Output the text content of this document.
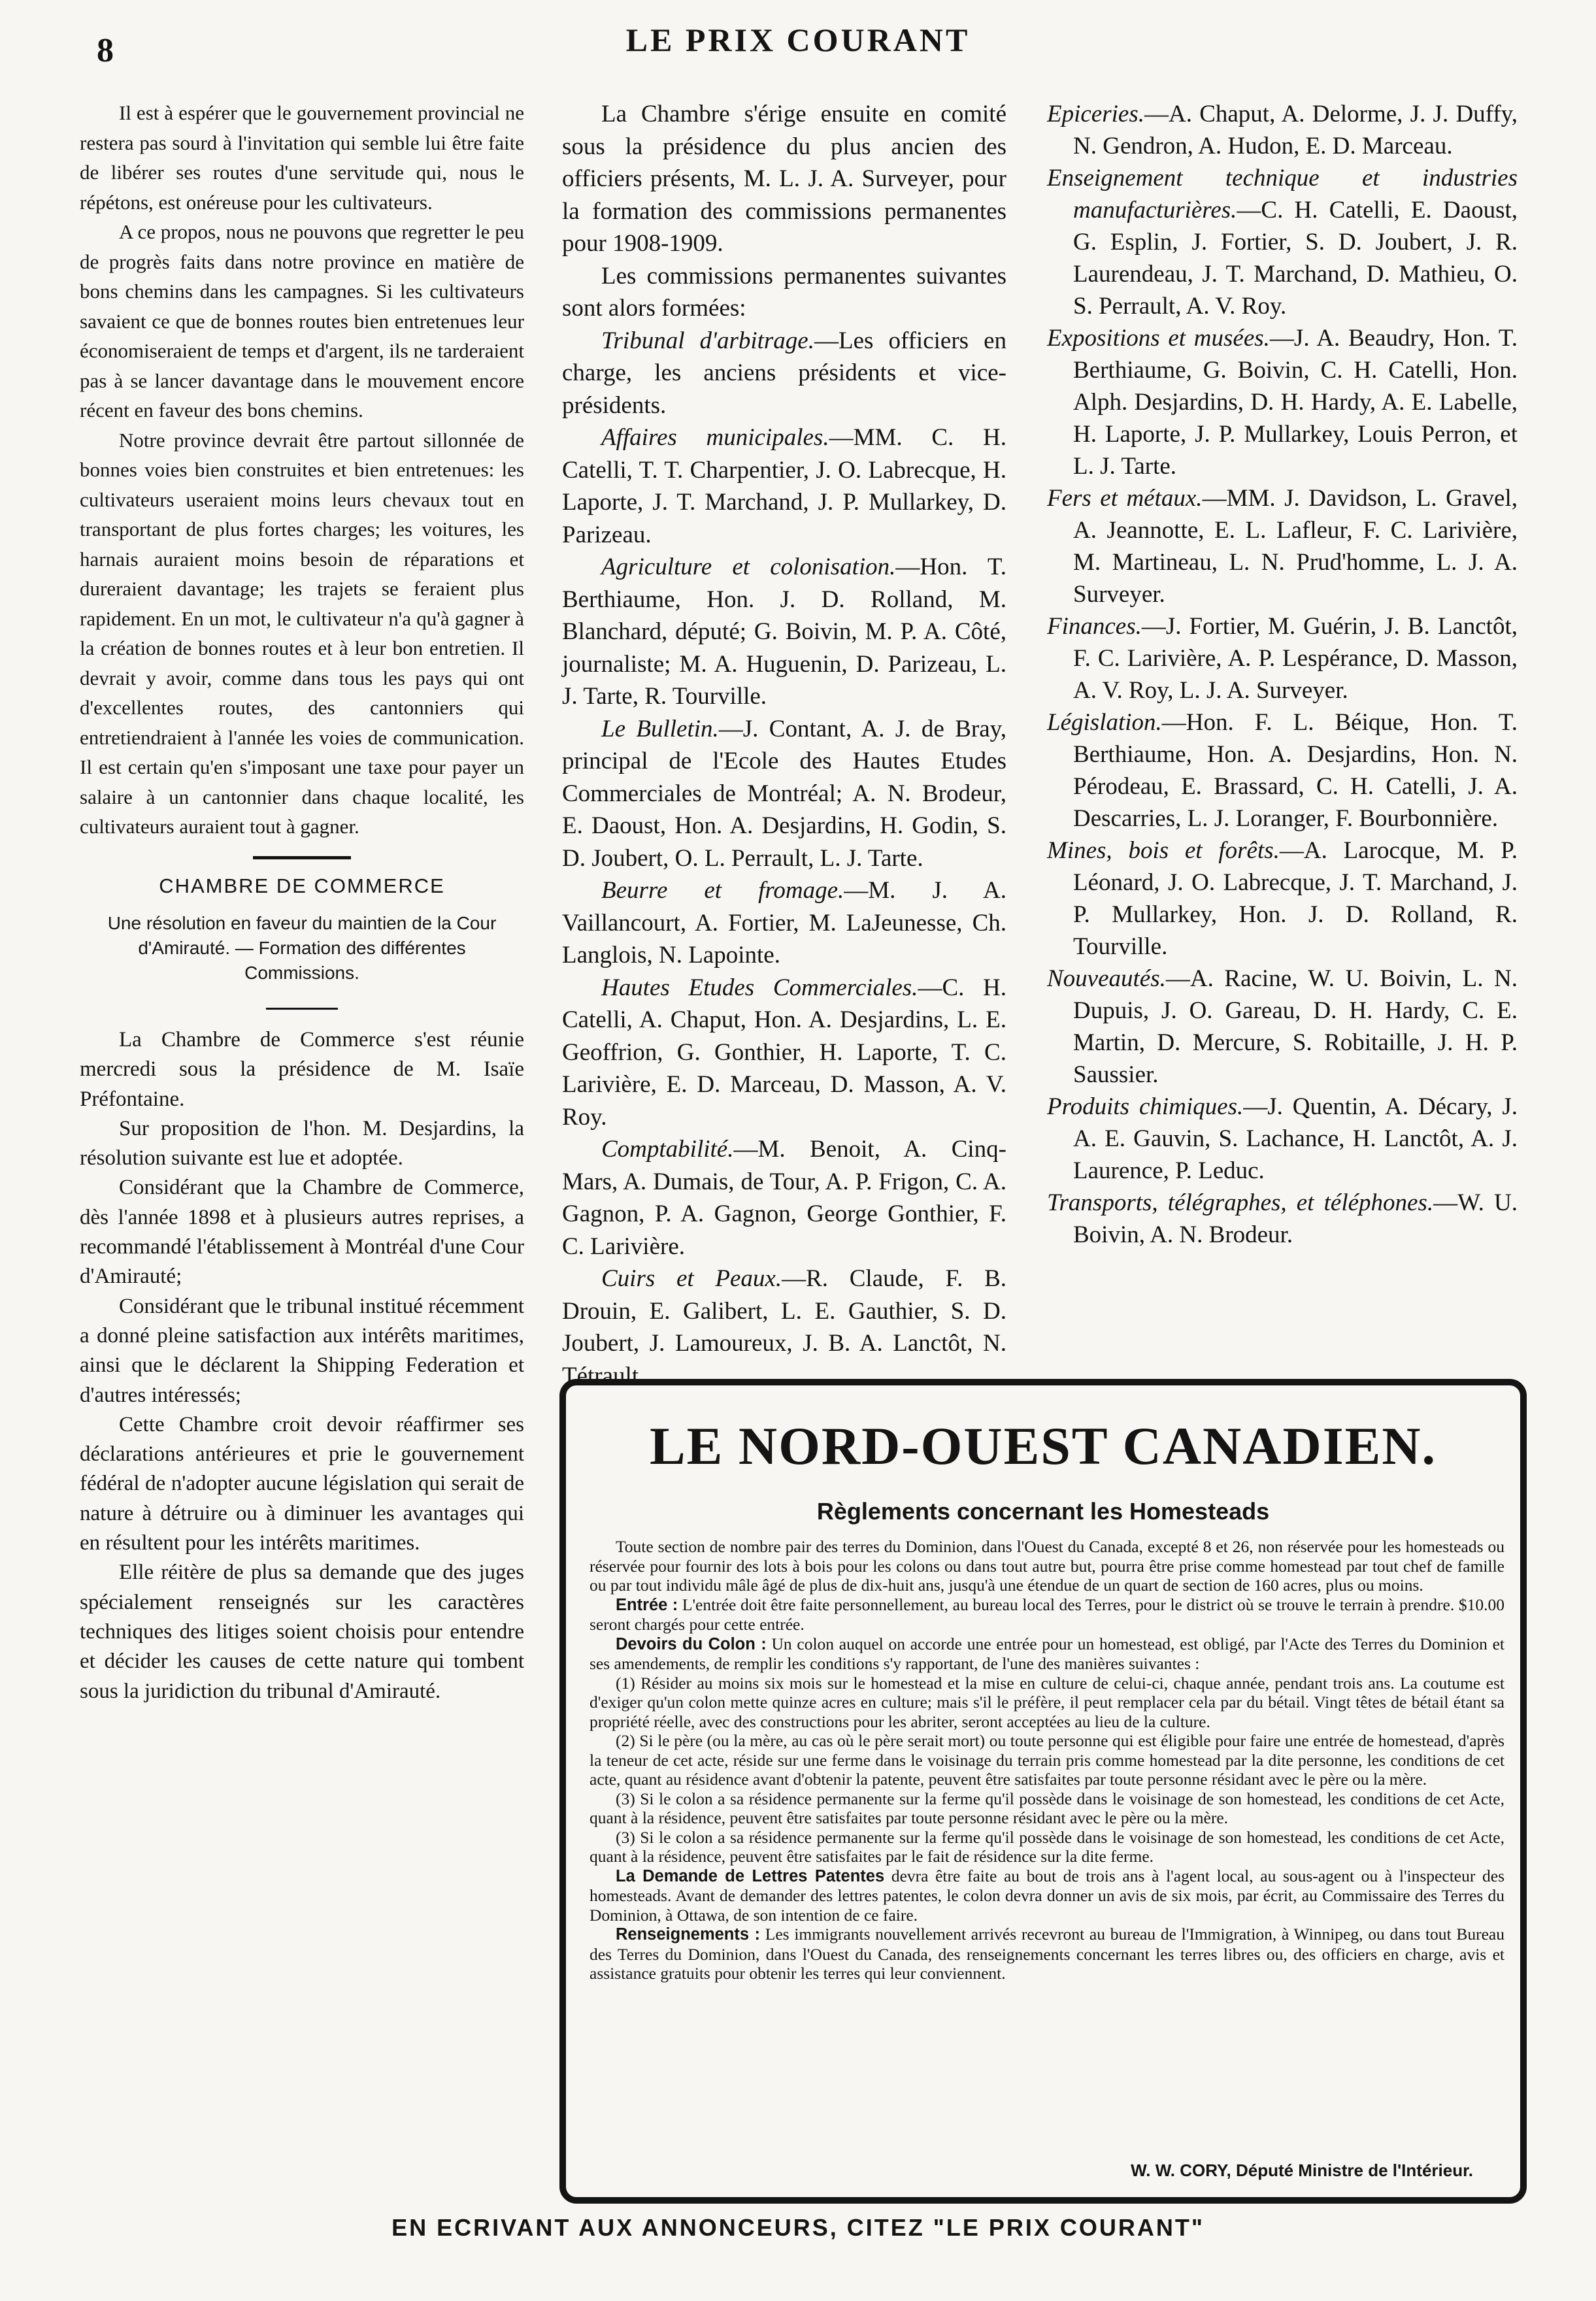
8	LE PRIX COURANT

Il est à espérer que le gouvernement provincial ne restera pas sourd à l'invitation qui semble lui être faite de libérer ses routes d'une servitude qui, nous le répétons, est onéreuse pour les cultivateurs.

A ce propos, nous ne pouvons que regretter le peu de progrès faits dans notre province en matière de bons chemins dans les campagnes. Si les cultivateurs savaient ce que de bonnes routes bien entretenues leur économiseraient de temps et d'argent, ils ne tarderaient pas à se lancer davantage dans le mouvement encore récent en faveur des bons chemins.

Notre province devrait être partout sillonnée de bonnes voies bien construites et bien entretenues: les cultivateurs useraient moins leurs chevaux tout en transportant de plus fortes charges; les voitures, les harnais auraient moins besoin de réparations et dureraient davantage; les trajets se feraient plus rapidement. En un mot, le cultivateur n'a qu'à gagner à la création de bonnes routes et à leur bon entretien. Il devrait y avoir, comme dans tous les pays qui ont d'excellentes routes, des cantonniers qui entretiendraient à l'année les voies de communication. Il est certain qu'en s'imposant une taxe pour payer un salaire à un cantonnier dans chaque localité, les cultivateurs auraient tout à gagner.

CHAMBRE DE COMMERCE
Une résolution en faveur du maintien de la Cour d'Amirauté. — Formation des différentes Commissions.

La Chambre de Commerce s'est réunie mercredi sous la présidence de M. Isaïe Préfontaine.

Sur proposition de l'hon. M. Desjardins, la résolution suivante est lue et adoptée.

Considérant que la Chambre de Commerce, dès l'année 1898 et à plusieurs autres reprises, a recommandé l'établissement à Montréal d'une Cour d'Amirauté;

Considérant que le tribunal institué récemment a donné pleine satisfaction aux intérêts maritimes, ainsi que le déclarent la Shipping Federation et d'autres intéressés;

Cette Chambre croit devoir réaffirmer ses déclarations antérieures et prie le gouvernement fédéral de n'adopter aucune législation qui serait de nature à détruire ou à diminuer les avantages qui en résultent pour les intérêts maritimes.

Elle réitère de plus sa demande que des juges spécialement renseignés sur les caractères techniques des litiges soient choisis pour entendre et décider les causes de cette nature qui tombent sous la juridiction du tribunal d'Amirauté.

La Chambre s'érige ensuite en comité sous la présidence du plus ancien des officiers présents, M. L. J. A. Surveyer, pour la formation des commissions permanentes pour 1908-1909.

Les commissions permanentes suivantes sont alors formées:

Tribunal d'arbitrage.—Les officiers en charge, les anciens présidents et vice-présidents.

Affaires municipales.—MM. C. H. Catelli, T. T. Charpentier, J. O. Labrecque, H. Laporte, J. T. Marchand, J. P. Mullarkey, D. Parizeau.

Agriculture et colonisation.—Hon. T. Berthiaume, Hon. J. D. Rolland, M. Blanchard, député; G. Boivin, M. P. A. Côté, journaliste; M. A. Huguenin, D. Parizeau, L. J. Tarte, R. Tourville.

Le Bulletin.—J. Contant, A. J. de Bray, principal de l'Ecole des Hautes Etudes Commerciales de Montréal; A. N. Brodeur, E. Daoust, Hon. A. Desjardins, H. Godin, S. D. Joubert, O. L. Perrault, L. J. Tarte.

Beurre et fromage.—M. J. A. Vaillancourt, A. Fortier, M. LaJeunesse, Ch. Langlois, N. Lapointe.

Hautes Etudes Commerciales.—C. H. Catelli, A. Chaput, Hon. A. Desjardins, L. E. Geoffrion, G. Gonthier, H. Laporte, T. C. Larivière, E. D. Marceau, D. Masson, A. V. Roy.

Comptabilité.—M. Benoit, A. Cinq-Mars, A. Dumais, de Tour, A. P. Frigon, C. A. Gagnon, P. A. Gagnon, George Gonthier, F. C. Larivière.

Cuirs et Peaux.—R. Claude, F. B. Drouin, E. Galibert, L. E. Gauthier, S. D. Joubert, J. Lamoureux, J. B. A. Lanctôt, N. Tétrault.

Epiceries.—A. Chaput, A. Delorme, J. J. Duffy, N. Gendron, A. Hudon, E. D. Marceau.

Enseignement technique et industries manufacturières.—C. H. Catelli, E. Daoust, G. Esplin, J. Fortier, S. D. Joubert, J. R. Laurendeau, J. T. Marchand, D. Mathieu, O. S. Perrault, A. V. Roy.

Expositions et musées.—J. A. Beaudry, Hon. T. Berthiaume, G. Boivin, C. H. Catelli, Hon. Alph. Desjardins, D. H. Hardy, A. E. Labelle, H. Laporte, J. P. Mullarkey, Louis Perron, et L. J. Tarte.

Fers et métaux.—MM. J. Davidson, L. Gravel, A. Jeannotte, E. L. Lafleur, F. C. Larivière, M. Martineau, L. N. Prud'homme, L. J. A. Surveyer.

Finances.—J. Fortier, M. Guérin, J. B. Lanctôt, F. C. Larivière, A. P. Lespérance, D. Masson, A. V. Roy, L. J. A. Surveyer.

Législation.—Hon. F. L. Béique, Hon. T. Berthiaume, Hon. A. Desjardins, Hon. N. Pérodeau, E. Brassard, C. H. Catelli, J. A. Descarries, L. J. Loranger, F. Bourbonnière.

Mines, bois et forêts.—A. Larocque, M. P. Léonard, J. O. Labrecque, J. T. Marchand, J. P. Mullarkey, Hon. J. D. Rolland, R. Tourville.

Nouveautés.—A. Racine, W. U. Boivin, L. N. Dupuis, J. O. Gareau, D. H. Hardy, C. E. Martin, D. Mercure, S. Robitaille, J. H. P. Saussier.

Produits chimiques.—J. Quentin, A. Décary, J. A. E. Gauvin, S. Lachance, H. Lanctôt, A. J. Laurence, P. Leduc.

Transports, télégraphes, et téléphones.—W. U. Boivin, A. N. Brodeur.

LE NORD-OUEST CANADIEN.
Règlements concernant les Homesteads

Toute section de nombre pair des terres du Dominion, dans l'Ouest du Canada, excepté 8 et 26, non réservée pour les homesteads ou réservée pour fournir des lots à bois pour les colons ou dans tout autre but, pourra être prise comme homestead par tout chef de famille ou par tout individu mâle âgé de plus de dix-huit ans, jusqu'à une étendue de un quart de section de 160 acres, plus ou moins.

Entrée : L'entrée doit être faite personnellement, au bureau local des Terres, pour le district où se trouve le terrain à prendre. $10.00 seront chargés pour cette entrée.

Devoirs du Colon : Un colon auquel on accorde une entrée pour un homestead, est obligé, par l'Acte des Terres du Dominion et ses amendements, de remplir les conditions s'y rapportant, de l'une des manières suivantes :

(1) Résider au moins six mois sur le homestead et la mise en culture de celui-ci, chaque année, pendant trois ans. La coutume est d'exiger qu'un colon mette quinze acres en culture; mais s'il le préfère, il peut remplacer cela par du bétail. Vingt têtes de bétail étant sa propriété réelle, avec des constructions pour les abriter, seront acceptées au lieu de la culture.

(2) Si le père (ou la mère, au cas où le père serait mort) ou toute personne qui est éligible pour faire une entrée de homestead, d'après la teneur de cet acte, réside sur une ferme dans le voisinage du terrain pris comme homestead par la dite personne, les conditions de cet acte, quant au résidence avant d'obtenir la patente, peuvent être satisfaites par toute personne résidant avec le père ou la mère.

(3) Si le colon a sa résidence permanente sur la ferme qu'il possède dans le voisinage de son homestead, les conditions de cet Acte, quant à la résidence, peuvent être satisfaites par toute personne résidant avec le père ou la mère.

(3) Si le colon a sa résidence permanente sur la ferme qu'il possède dans le voisinage de son homestead, les conditions de cet Acte, quant à la résidence, peuvent être satisfaites par le fait de résidence sur la dite ferme.

La Demande de Lettres Patentes devra être faite au bout de trois ans à l'agent local, au sous-agent ou à l'inspecteur des homesteads. Avant de demander des lettres patentes, le colon devra donner un avis de six mois, par écrit, au Commissaire des Terres du Dominion, à Ottawa, de son intention de ce faire.

Renseignements : Les immigrants nouvellement arrivés recevront au bureau de l'Immigration, à Winnipeg, ou dans tout Bureau des Terres du Dominion, dans l'Ouest du Canada, des renseignements concernant les terres libres ou, des officiers en charge, avis et assistance gratuits pour obtenir les terres qui leur conviennent.

W. W. CORY, Député Ministre de l'Intérieur.
EN ECRIVANT AUX ANNONCEURS, CITEZ "LE PRIX COURANT"
